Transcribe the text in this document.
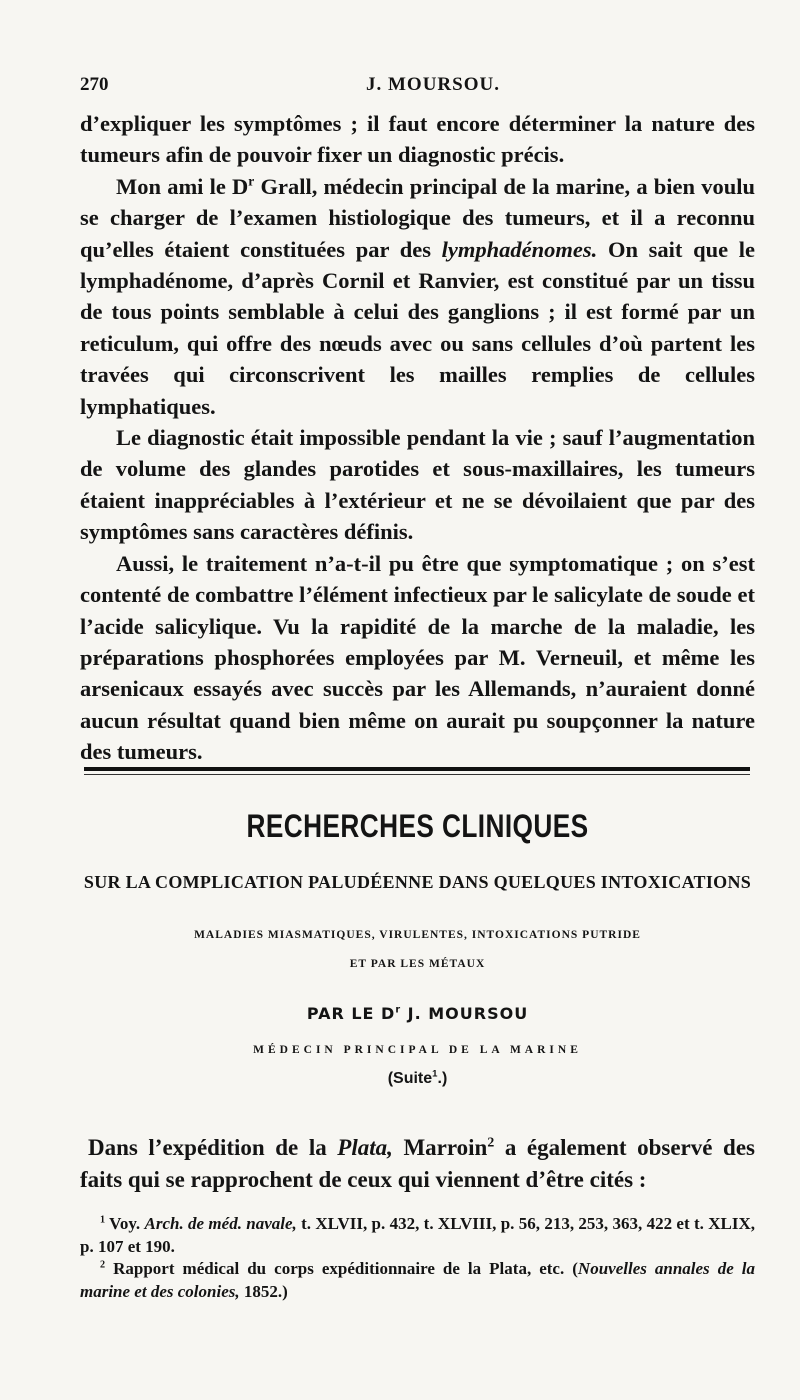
270	J. MOURSOU.

d’expliquer les symptômes ; il faut encore déterminer la nature des tumeurs afin de pouvoir fixer un diagnostic précis.

Mon ami le $D^r$ Grall, médecin principal de la marine, a bien voulu se charger de l’examen histiologique des tumeurs, et il a reconnu qu’elles étaient constituées par des lymphadénomes. On sait que le lymphadénome, d’après Cornil et Ranvier, est constitué par un tissu de tous points semblable à celui des ganglions ; il est formé par un reticulum, qui offre des nœuds avec ou sans cellules d’où partent les travées qui circonscrivent les mailles remplies de cellules lymphatiques.

Le diagnostic était impossible pendant la vie ; sauf l’augmentation de volume des glandes parotides et sous-maxillaires, les tumeurs étaient inappréciables à l’extérieur et ne se dévoilaient que par des symptômes sans caractères définis.

Aussi, le traitement n’a-t-il pu être que symptomatique ; on s’est contenté de combattre l’élément infectieux par le salicylate de soude et l’acide salicylique. Vu la rapidité de la marche de la maladie, les préparations phosphorées employées par M. Verneuil, et même les arsenicaux essayés avec succès par les Allemands, n’auraient donné aucun résultat quand bien même on aurait pu soupçonner la nature des tumeurs.

RECHERCHES CLINIQUES
SUR LA COMPLICATION PALUDÉENNE DANS QUELQUES INTOXICATIONS
MALADIES MIASMATIQUES, VIRULENTES, INTOXICATIONS PUTRIDE
ET PAR LES MÉTAUX
PAR LE $D^r$ J. MOURSOU
MÉDECIN PRINCIPAL DE LA MARINE
(Suite$^1$.)

Dans l’expédition de la Plata, Marroin$^2$ a également observé des faits qui se rapprochent de ceux qui viennent d’être cités :

$^1$ Voy. Arch. de méd. navale, t. XLVII, p. 432, t. XLVIII, p. 56, 213, 253, 363, 422 et t. XLIX, p. 107 et 190.

$^2$ Rapport médical du corps expéditionnaire de la Plata, etc. (Nouvelles annales de la marine et des colonies, 1852.)
